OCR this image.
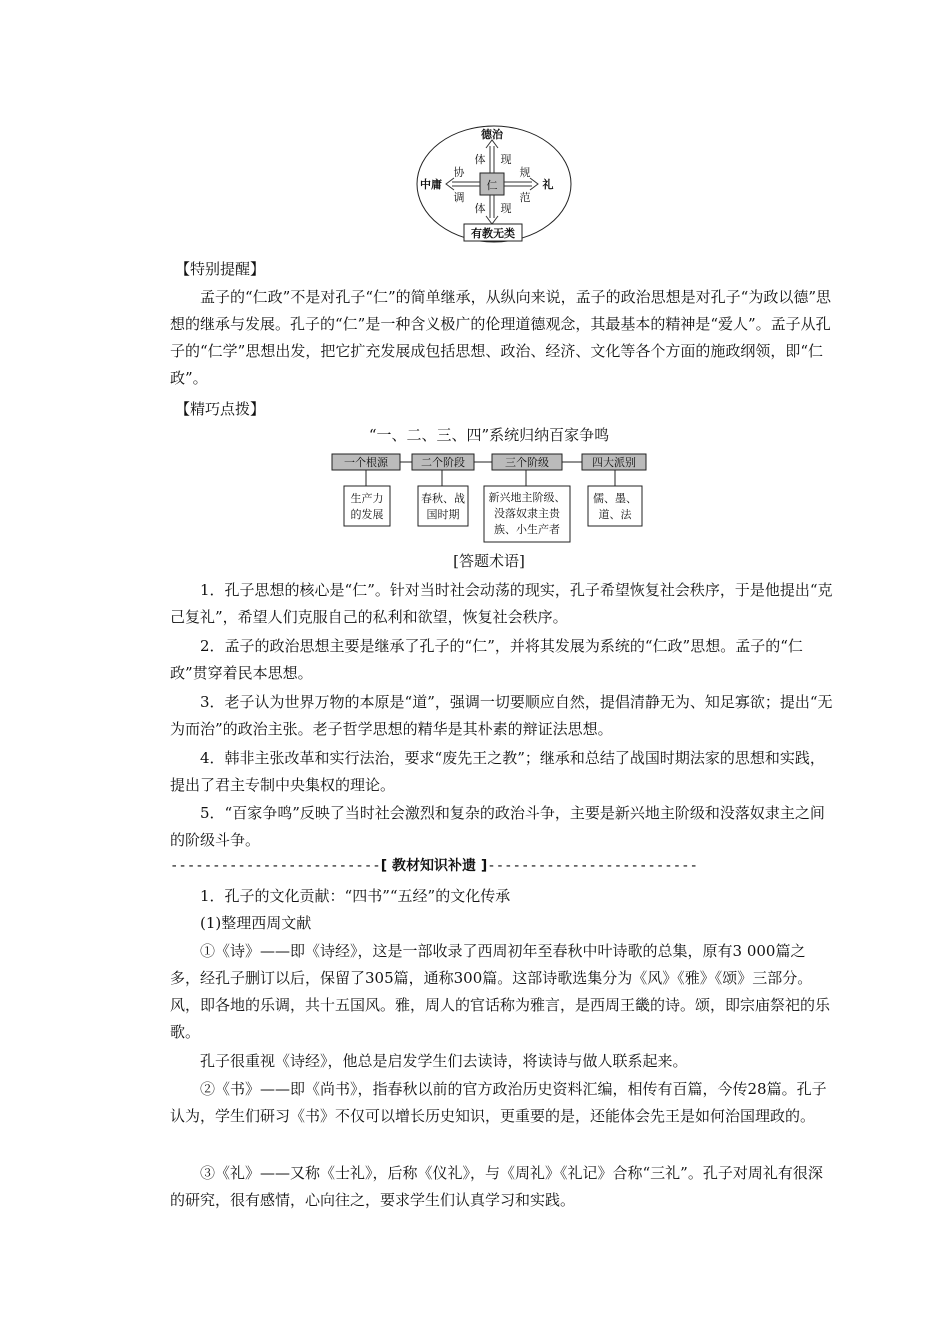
仁
德治
中庸	礼
有教无类
体 现
体 现
协
调
规
范
【特别提醒】

孟子的“仁政”不是对孔子“仁”的简单继承，从纵向来说，孟子的政治思想是对孔子“为政以德”思想的继承与发展。孔子的“仁”是一种含义极广的伦理道德观念，其最基本的精神是“爱人”。孟子从孔子的“仁学”思想出发，把它扩充发展成包括思想、政治、经济、文化等各个方面的施政纲领，即“仁政”。

【精巧点拨】
“一、二、三、四”系统归纳百家争鸣
一个根源	二个阶段	三个阶级	四大派别
生产力
的发展
春秋、战
国时期
新兴地主阶级、
没落奴隶主贵
族、小生产者
儒、墨、
道、法
[答题术语]

1．孔子思想的核心是“仁”。针对当时社会动荡的现实，孔子希望恢复社会秩序，于是他提出“克己复礼”，希望人们克服自己的私利和欲望，恢复社会秩序。

2．孟子的政治思想主要是继承了孔子的“仁”，并将其发展为系统的“仁政”思想。孟子的“仁政”贯穿着民本思想。

3．老子认为世界万物的本原是“道”，强调一切要顺应自然，提倡清静无为、知足寡欲；提出“无为而治”的政治主张。老子哲学思想的精华是其朴素的辩证法思想。

4．韩非主张改革和实行法治，要求“废先王之教”；继承和总结了战国时期法家的思想和实践，提出了君主专制中央集权的理论。

5．“百家争鸣”反映了当时社会激烈和复杂的政治斗争，主要是新兴地主阶级和没落奴隶主之间的阶级斗争。

-------------------------[ 教材知识补遗 ]-------------------------

1．孔子的文化贡献：“四书”“五经”的文化传承

(1)整理西周文献

①《诗》——即《诗经》，这是一部收录了西周初年至春秋中叶诗歌的总集，原有3 000篇之多，经孔子删订以后，保留了305篇，通称300篇。这部诗歌选集分为《风》《雅》《颂》三部分。风，即各地的乐调，共十五国风。雅，周人的官话称为雅言，是西周王畿的诗。颂，即宗庙祭祀的乐歌。

孔子很重视《诗经》，他总是启发学生们去读诗，将读诗与做人联系起来。

②《书》——即《尚书》，指春秋以前的官方政治历史资料汇编，相传有百篇，今传28篇。孔子认为，学生们研习《书》不仅可以增长历史知识，更重要的是，还能体会先王是如何治国理政的。

③《礼》——又称《士礼》，后称《仪礼》，与《周礼》《礼记》合称“三礼”。孔子对周礼有很深的研究，很有感情，心向往之，要求学生们认真学习和实践。
